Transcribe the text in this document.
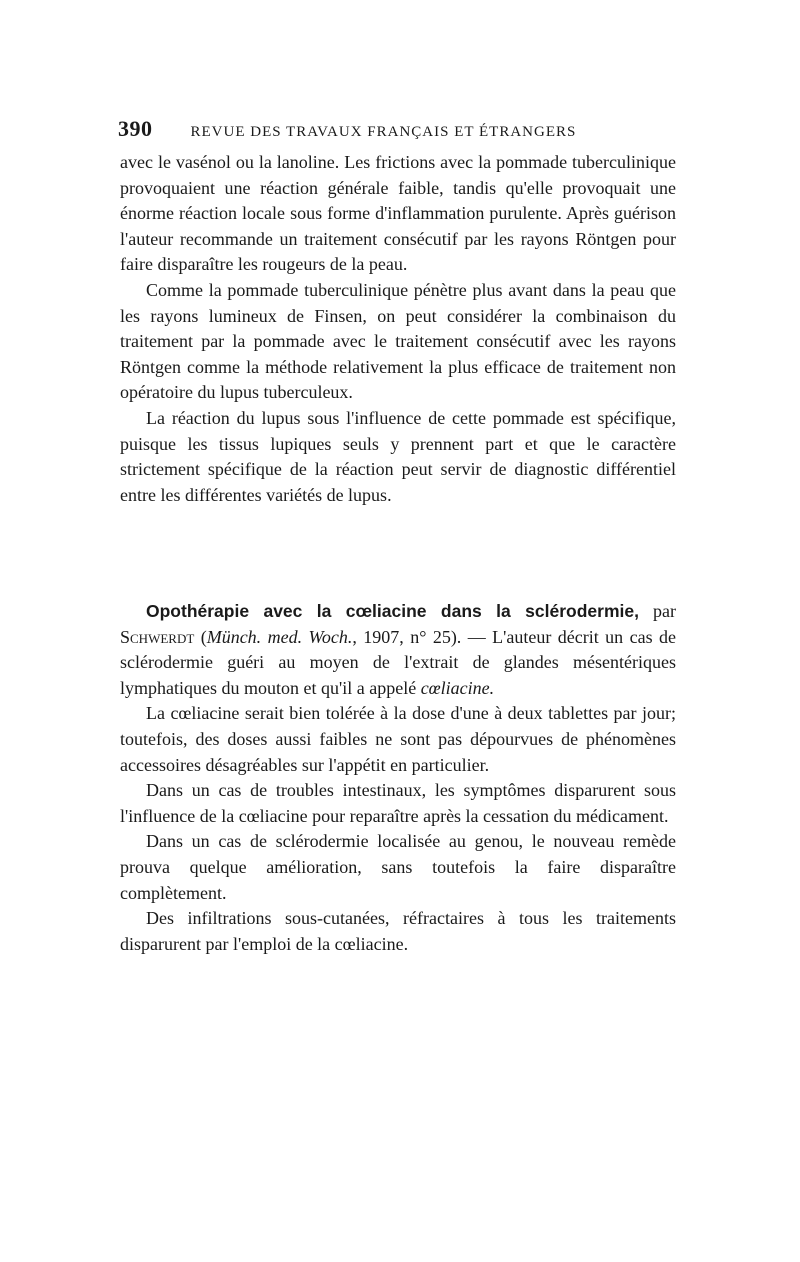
390	REVUE DES TRAVAUX FRANÇAIS ET ÉTRANGERS

avec le vasénol ou la lanoline. Les frictions avec la pommade tuberculinique provoquaient une réaction générale faible, tandis qu'elle provoquait une énorme réaction locale sous forme d'inflammation purulente. Après guérison l'auteur recommande un traitement consécutif par les rayons Röntgen pour faire disparaître les rougeurs de la peau.

Comme la pommade tuberculinique pénètre plus avant dans la peau que les rayons lumineux de Finsen, on peut considérer la combinaison du traitement par la pommade avec le traitement consécutif avec les rayons Röntgen comme la méthode relativement la plus efficace de traitement non opératoire du lupus tuberculeux.

La réaction du lupus sous l'influence de cette pommade est spécifique, puisque les tissus lupiques seuls y prennent part et que le caractère strictement spécifique de la réaction peut servir de diagnostic différentiel entre les différentes variétés de lupus.

Opothérapie avec la cœliacine dans la sclérodermie, par Schwerdt (Münch. med. Woch., 1907, n° 25). — L'auteur décrit un cas de sclérodermie guéri au moyen de l'extrait de glandes mésentériques lymphatiques du mouton et qu'il a appelé cœliacine.

La cœliacine serait bien tolérée à la dose d'une à deux tablettes par jour; toutefois, des doses aussi faibles ne sont pas dépourvues de phénomènes accessoires désagréables sur l'appétit en particulier.

Dans un cas de troubles intestinaux, les symptômes disparurent sous l'influence de la cœliacine pour reparaître après la cessation du médicament.

Dans un cas de sclérodermie localisée au genou, le nouveau remède prouva quelque amélioration, sans toutefois la faire disparaître complètement.

Des infiltrations sous-cutanées, réfractaires à tous les traitements disparurent par l'emploi de la cœliacine.
